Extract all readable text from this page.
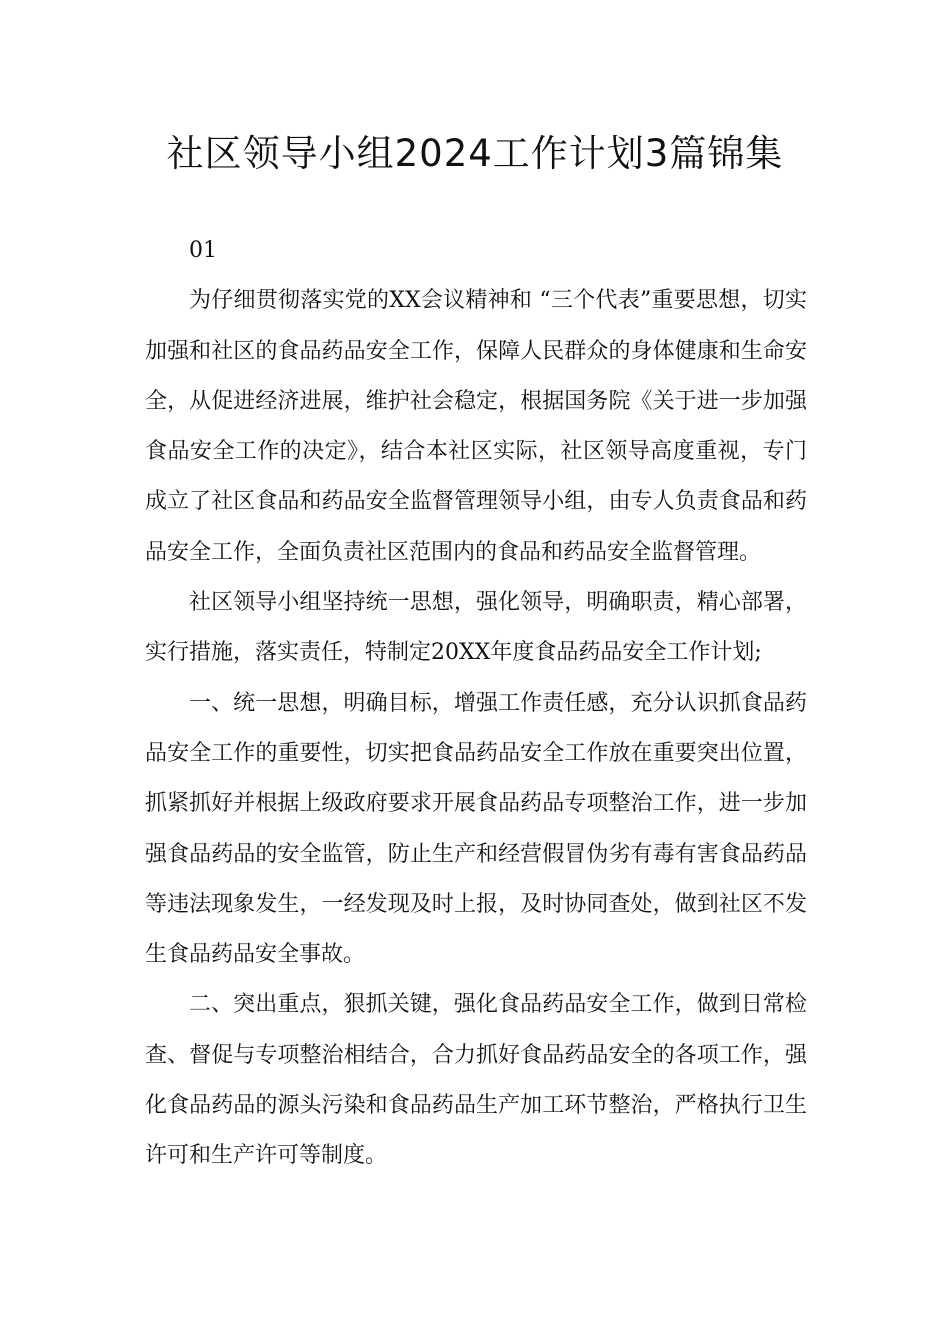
社区领导小组2024工作计划3篇锦集

01

为仔细贯彻落实党的XX会议精神和 “三个代表”重要思想，切实加强和社区的食品药品安全工作，保障人民群众的身体健康和生命安全，从促进经济进展，维护社会稳定，根据国务院《关于进一步加强食品安全工作的决定》，结合本社区实际，社区领导高度重视，专门成立了社区食品和药品安全监督管理领导小组，由专人负责食品和药品安全工作，全面负责社区范围内的食品和药品安全监督管理。

社区领导小组坚持统一思想，强化领导，明确职责，精心部署，实行措施，落实责任，特制定20XX年度食品药品安全工作计划;

一、统一思想，明确目标，增强工作责任感，充分认识抓食品药品安全工作的重要性，切实把食品药品安全工作放在重要突出位置，抓紧抓好并根据上级政府要求开展食品药品专项整治工作，进一步加强食品药品的安全监管，防止生产和经营假冒伪劣有毒有害食品药品等违法现象发生，一经发现及时上报，及时协同查处，做到社区不发生食品药品安全事故。

二、突出重点，狠抓关键，强化食品药品安全工作，做到日常检查、督促与专项整治相结合，合力抓好食品药品安全的各项工作，强化食品药品的源头污染和食品药品生产加工环节整治，严格执行卫生许可和生产许可等制度。
